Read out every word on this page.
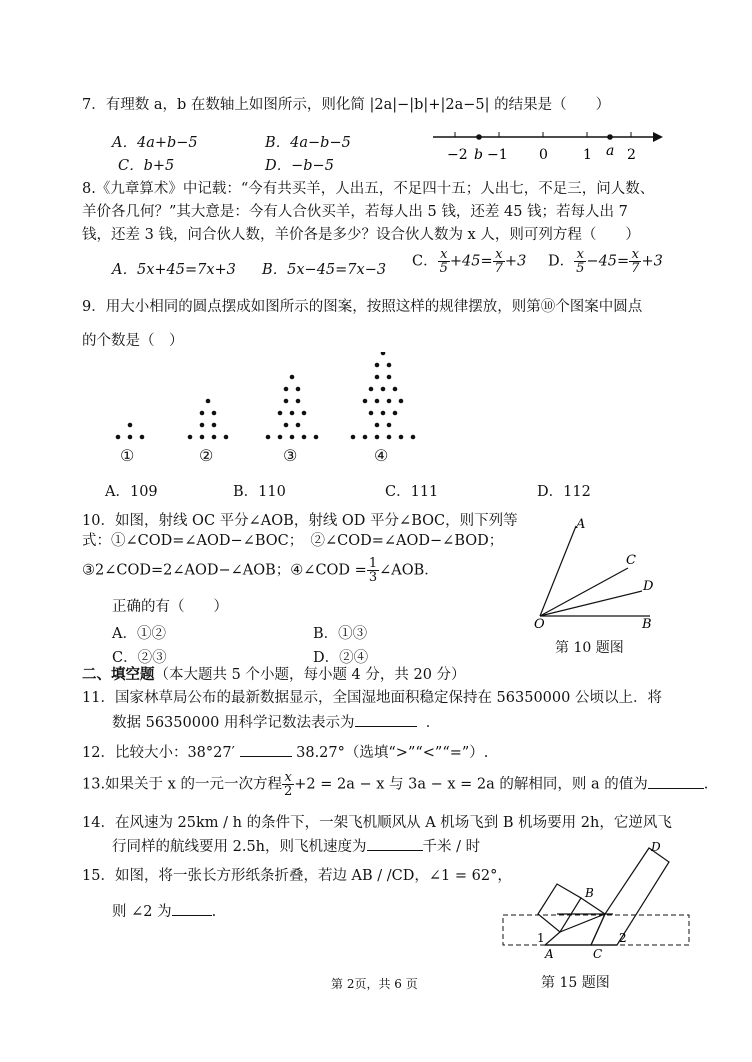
7．有理数 a，b 在数轴上如图所示，则化简 |2a|−|b|+|2a−5| 的结果是（　　）
A．4a+b−5	B．4a−b−5
C．b+5	D．−b−5
−2 b −1 0	1 a 2
8.《九章算术》中记载：“今有共买羊，人出五，不足四十五；人出七，不足三，问人数、
羊价各几何？”其大意是：今有人合伙买羊，若每人出 5 钱，还差 45 钱；若每人出 7
钱，还差 3 钱，问合伙人数，羊价各是多少？设合伙人数为 x 人，则可列方程（　　）
A．5x+45=7x+3 B．5x−45=7x−3
C． $\frac{x}{5} +45= \frac{x}{7} +3$ D． $\frac{x}{5} -45= \frac{x}{7} +3$
9．用大小相同的圆点摆成如图所示的图案，按照这样的规律摆放，则第⑩个图案中圆点
的个数是（　）
①	②	③	④
A．109	B．110	C．111	D．112
10．如图，射线 OC 平分∠AOB，射线 OD 平分∠BOC，则下列等
式：①∠COD=∠AOD−∠BOC；　②∠COD=∠AOD−∠BOD；
③2∠COD=2∠AOD−∠AOB；④∠COD = $\frac{1}{3}$ ∠AOB．
正确的有（　　）
A．①②	B．①③
C．②③	D．②④
A
C
D
O	B
第 10 题图
二、填空题（本大题共 5 个小题，每小题 4 分，共 20 分）
11．国家林草局公布的最新数据显示，全国湿地面积稳定保持在 56350000 公顷以上．将
数据 56350000 用科学记数法表示为	．
12．比较大小：38°27′	38.27°（选填“>”“<”“=”）.
13.如果关于 x 的一元一次方程 $\frac{x}{2} +2 = 2a - x$ 与 3a − x = 2a 的解相同，则 a 的值为	.
14．在风速为 25km / h 的条件下，一架飞机顺风从 A 机场飞到 B 机场要用 2h，它逆风飞
行同样的航线要用 2.5h，则飞机速度为	千米 / 时
15．如图，将一张长方形纸条折叠，若边 AB / /CD，∠1 = 62°，
则 ∠2 为	.
D
B
1
A	C
2
第 15 题图
第 2页，共 6 页
